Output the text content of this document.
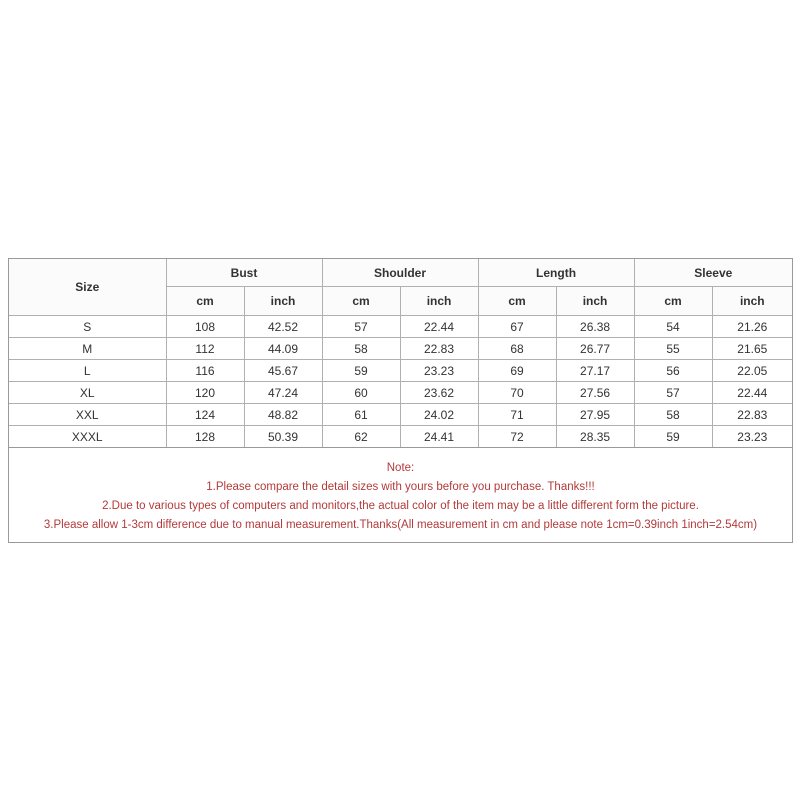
Size	Bust		Shoulder		Length		Sleeve	
	cm	inch	cm	inch	cm	inch	cm	inch
S	108	42.52	57	22.44	67	26.38	54	21.26
M	112	44.09	58	22.83	68	26.77	55	21.65
L	116	45.67	59	23.23	69	27.17	56	22.05
XL	120	47.24	60	23.62	70	27.56	57	22.44
XXL	124	48.82	61	24.02	71	27.95	58	22.83
XXXL	128	50.39	62	24.41	72	28.35	59	23.23
Note:
1.Please compare the detail sizes with yours before you purchase. Thanks!!!
2.Due to various types of computers and monitors,the actual color of the item may be a little different form the picture.
3.Please allow 1-3cm difference due to manual measurement.Thanks(All measurement in cm and please note 1cm=0.39inch 1inch=2.54cm)
